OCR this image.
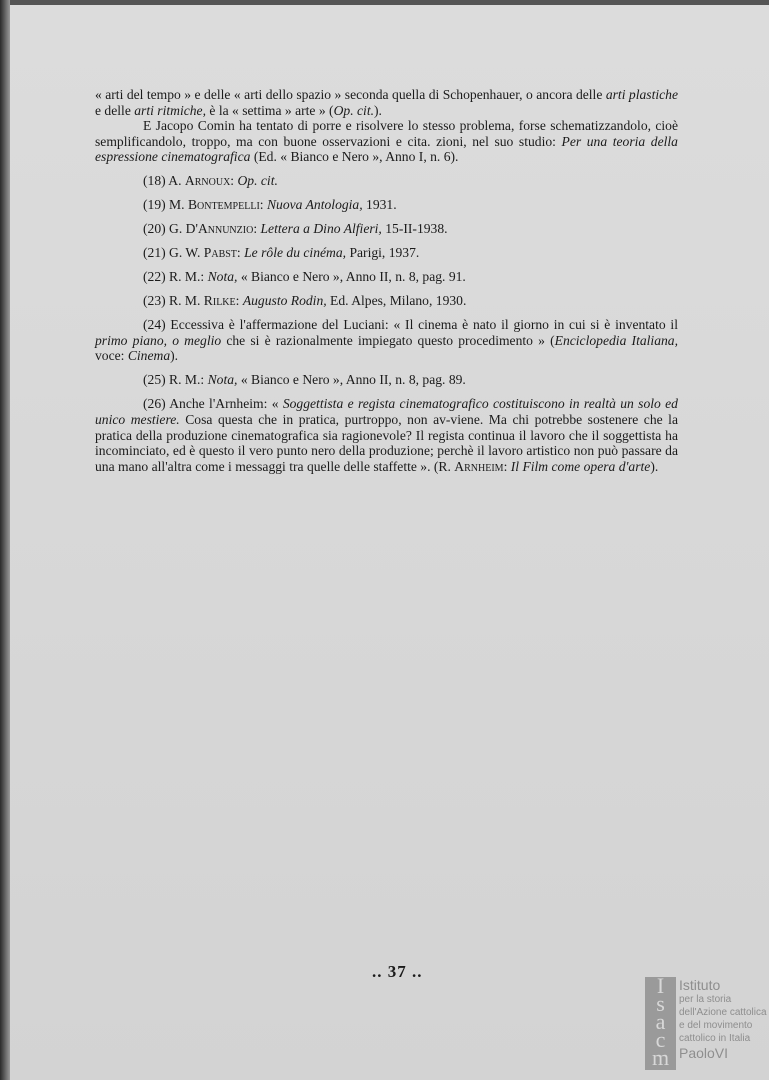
« arti del tempo » e delle « arti dello spazio » seconda quella di Schopenhauer, o ancora delle arti plastiche e delle arti ritmiche, è la « settima » arte » (Op. cit.).

E Jacopo Comin ha tentato di porre e risolvere lo stesso problema, forse schematizzandolo, cioè semplificandolo, troppo, ma con buone osservazioni e cita. zioni, nel suo studio: Per una teoria della espressione cinematografica (Ed. « Bianco e Nero », Anno I, n. 6).

(18) A. Arnoux: Op. cit.

(19) M. Bontempelli: Nuova Antologia, 1931.

(20) G. D'Annunzio: Lettera a Dino Alfieri, 15-II-1938.

(21) G. W. Pabst: Le rôle du cinéma, Parigi, 1937.

(22) R. M.: Nota, « Bianco e Nero », Anno II, n. 8, pag. 91.

(23) R. M. Rilke: Augusto Rodin, Ed. Alpes, Milano, 1930.

(24) Eccessiva è l'affermazione del Luciani: « Il cinema è nato il giorno in cui si è inventato il primo piano, o meglio che si è razionalmente impiegato questo procedimento » (Enciclopedia Italiana, voce: Cinema).

(25) R. M.: Nota, « Bianco e Nero », Anno II, n. 8, pag. 89.

(26) Anche l'Arnheim: « Soggettista e regista cinematografico costituiscono in realtà un solo ed unico mestiere. Cosa questa che in pratica, purtroppo, non av-viene. Ma chi potrebbe sostenere che la pratica della produzione cinematografica sia ragionevole? Il regista continua il lavoro che il soggettista ha incominciato, ed è questo il vero punto nero della produzione; perchè il lavoro artistico non può passare da una mano all'altra come i messaggi tra quelle delle staffette ». (R. Arnheim: Il Film come opera d'arte).

.. 37 ..
I
s
a
c
m
Istituto
per la storia
dell'Azione cattolica
e del movimento
cattolico in Italia
PaoloVI
